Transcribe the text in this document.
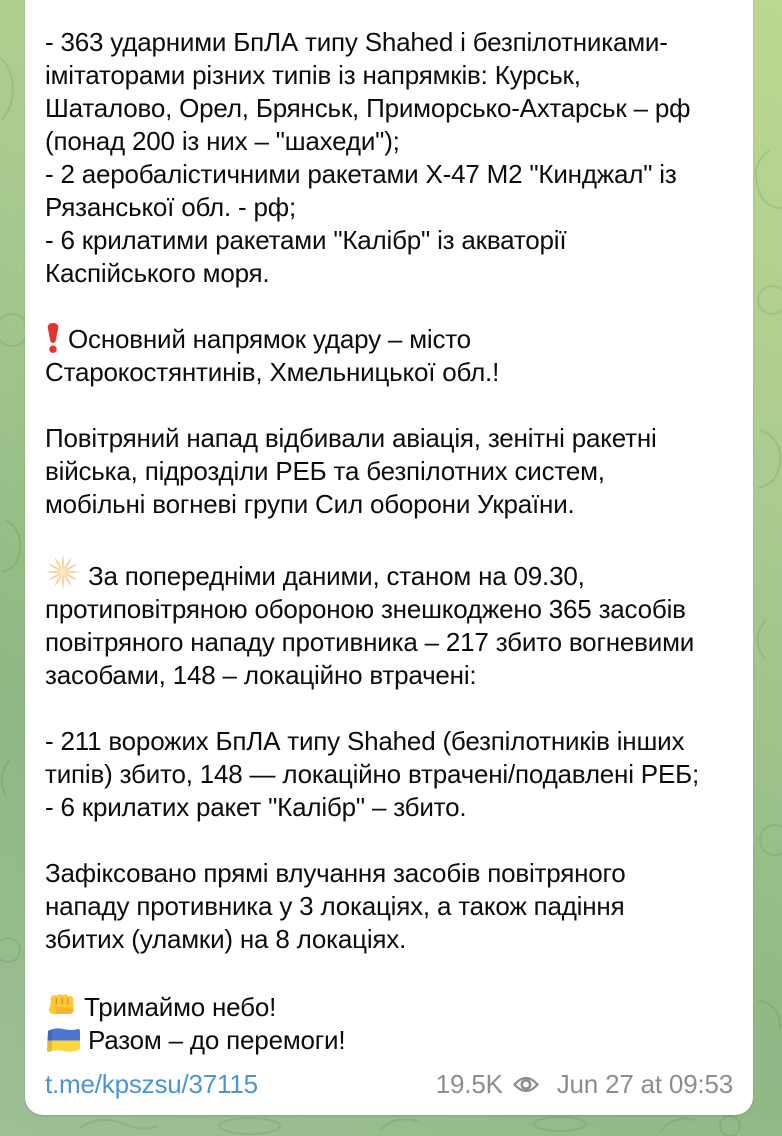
- 363 ударними БпЛА типу Shahed і безпілотниками-
імітаторами різних типів із напрямків: Курськ,
Шаталово, Орел, Брянськ, Приморсько-Ахтарськ – рф
(понад 200 із них – "шахеди");
- 2 аеробалістичними ракетами Х-47 М2 "Кинджал" із
Рязанської обл. - рф;
- 6 крилатими ракетами "Калібр" із акваторії
Каспійського моря.
Основний напрямок удару – місто
Старокостянтинів, Хмельницької обл.!
Повітряний напад відбивали авіація, зенітні ракетні
війська, підрозділи РЕБ та безпілотних систем,
мобільні вогневі групи Сил оборони України.
За попередніми даними, станом на 09.30,
протиповітряною обороною знешкоджено 365 засобів
повітряного нападу противника – 217 збито вогневими
засобами, 148 – локаційно втрачені:
- 211 ворожих БпЛА типу Shahed (безпілотників інших
типів) збито, 148 — локаційно втрачені/подавлені РЕБ;
- 6 крилатих ракет "Калібр" – збито.
Зафіксовано прямі влучання засобів повітряного
нападу противника у 3 локаціях, а також падіння
збитих (уламки) на 8 локаціях.
Тримаймо небо!
Разом – до перемоги!
t.me/kpszsu/37115	19.5K Jun 27 at 09:53
